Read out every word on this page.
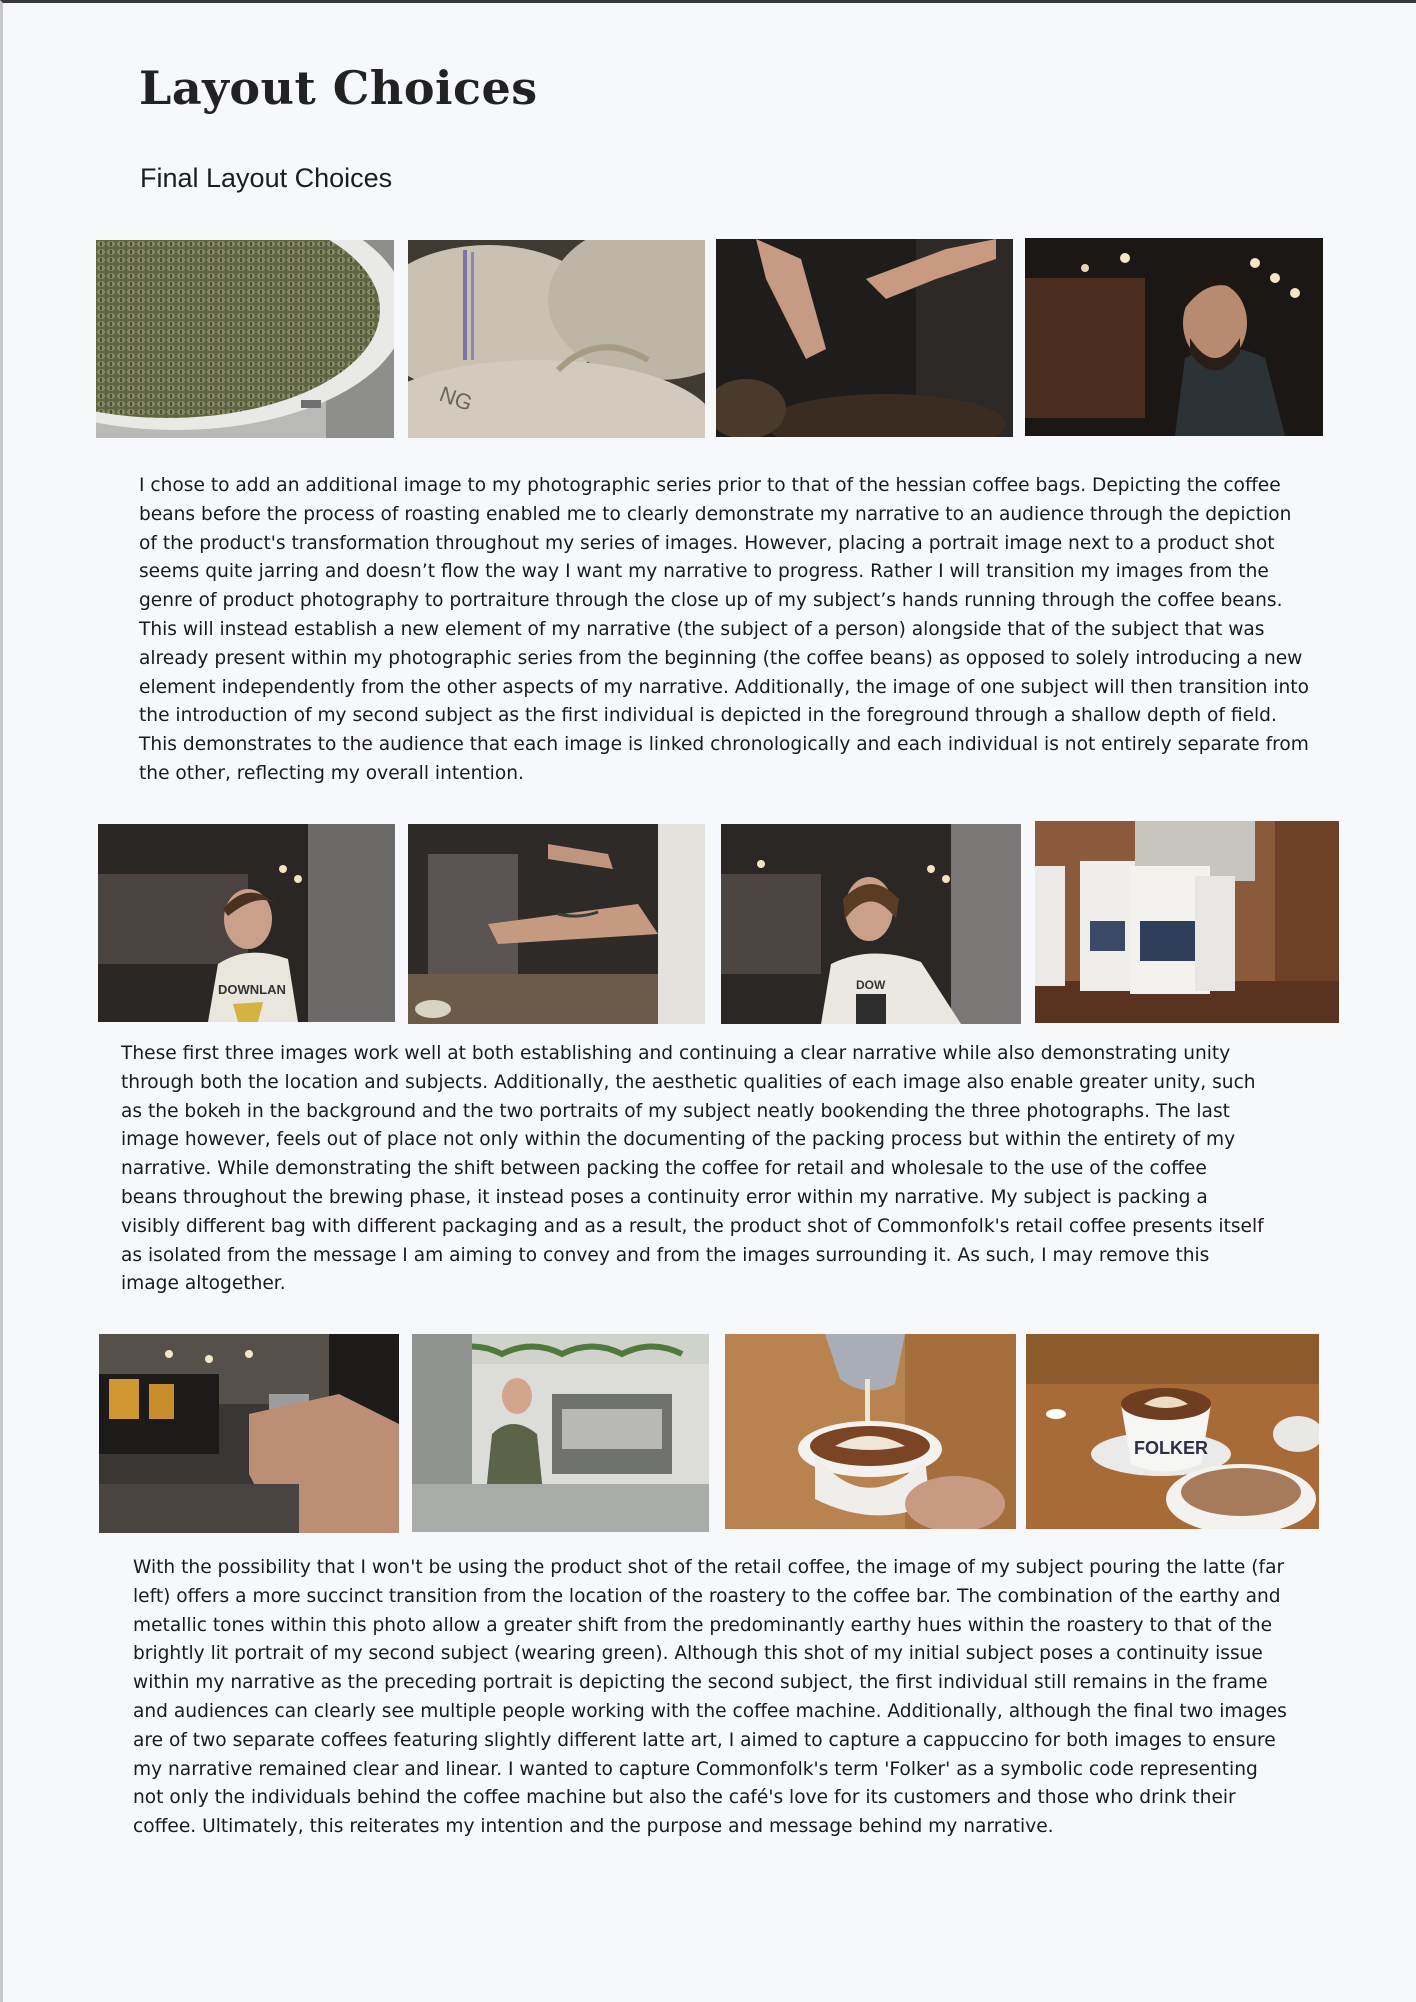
Layout Choices
Final Layout Choices
NG

I chose to add an additional image to my photographic series prior to that of the hessian coffee bags. Depicting the coffee beans before the process of roasting enabled me to clearly demonstrate my narrative to an audience through the depiction of the product's transformation throughout my series of images. However, placing a portrait image next to a product shot seems quite jarring and doesn’t flow the way I want my narrative to progress. Rather I will transition my images from the genre of product photography to portraiture through the close up of my subject’s hands running through the coffee beans. This will instead establish a new element of my narrative (the subject of a person) alongside that of the subject that was already present within my photographic series from the beginning (the coffee beans) as opposed to solely introducing a new element independently from the other aspects of my narrative. Additionally, the image of one subject will then transition into the introduction of my second subject as the first individual is depicted in the foreground through a shallow depth of field. This demonstrates to the audience that each image is linked chronologically and each individual is not entirely separate from the other, reflecting my overall intention.

DOWNLAN	DOW

These first three images work well at both establishing and continuing a clear narrative while also demonstrating unity through both the location and subjects. Additionally, the aesthetic qualities of each image also enable greater unity, such as the bokeh in the background and the two portraits of my subject neatly bookending the three photographs. The last image however, feels out of place not only within the documenting of the packing process but within the entirety of my narrative. While demonstrating the shift between packing the coffee for retail and wholesale to the use of the coffee beans throughout the brewing phase, it instead poses a continuity error within my narrative. My subject is packing a visibly different bag with different packaging and as a result, the product shot of Commonfolk's retail coffee presents itself as isolated from the message I am aiming to convey and from the images surrounding it. As such, I may remove this image altogether.

FOLKER

With the possibility that I won't be using the product shot of the retail coffee, the image of my subject pouring the latte (far left) offers a more succinct transition from the location of the roastery to the coffee bar. The combination of the earthy and metallic tones within this photo allow a greater shift from the predominantly earthy hues within the roastery to that of the brightly lit portrait of my second subject (wearing green). Although this shot of my initial subject poses a continuity issue within my narrative as the preceding portrait is depicting the second subject, the first individual still remains in the frame and audiences can clearly see multiple people working with the coffee machine. Additionally, although the final two images are of two separate coffees featuring slightly different latte art, I aimed to capture a cappuccino for both images to ensure my narrative remained clear and linear. I wanted to capture Commonfolk's term 'Folker' as a symbolic code representing not only the individuals behind the coffee machine but also the café's love for its customers and those who drink their coffee. Ultimately, this reiterates my intention and the purpose and message behind my narrative.
